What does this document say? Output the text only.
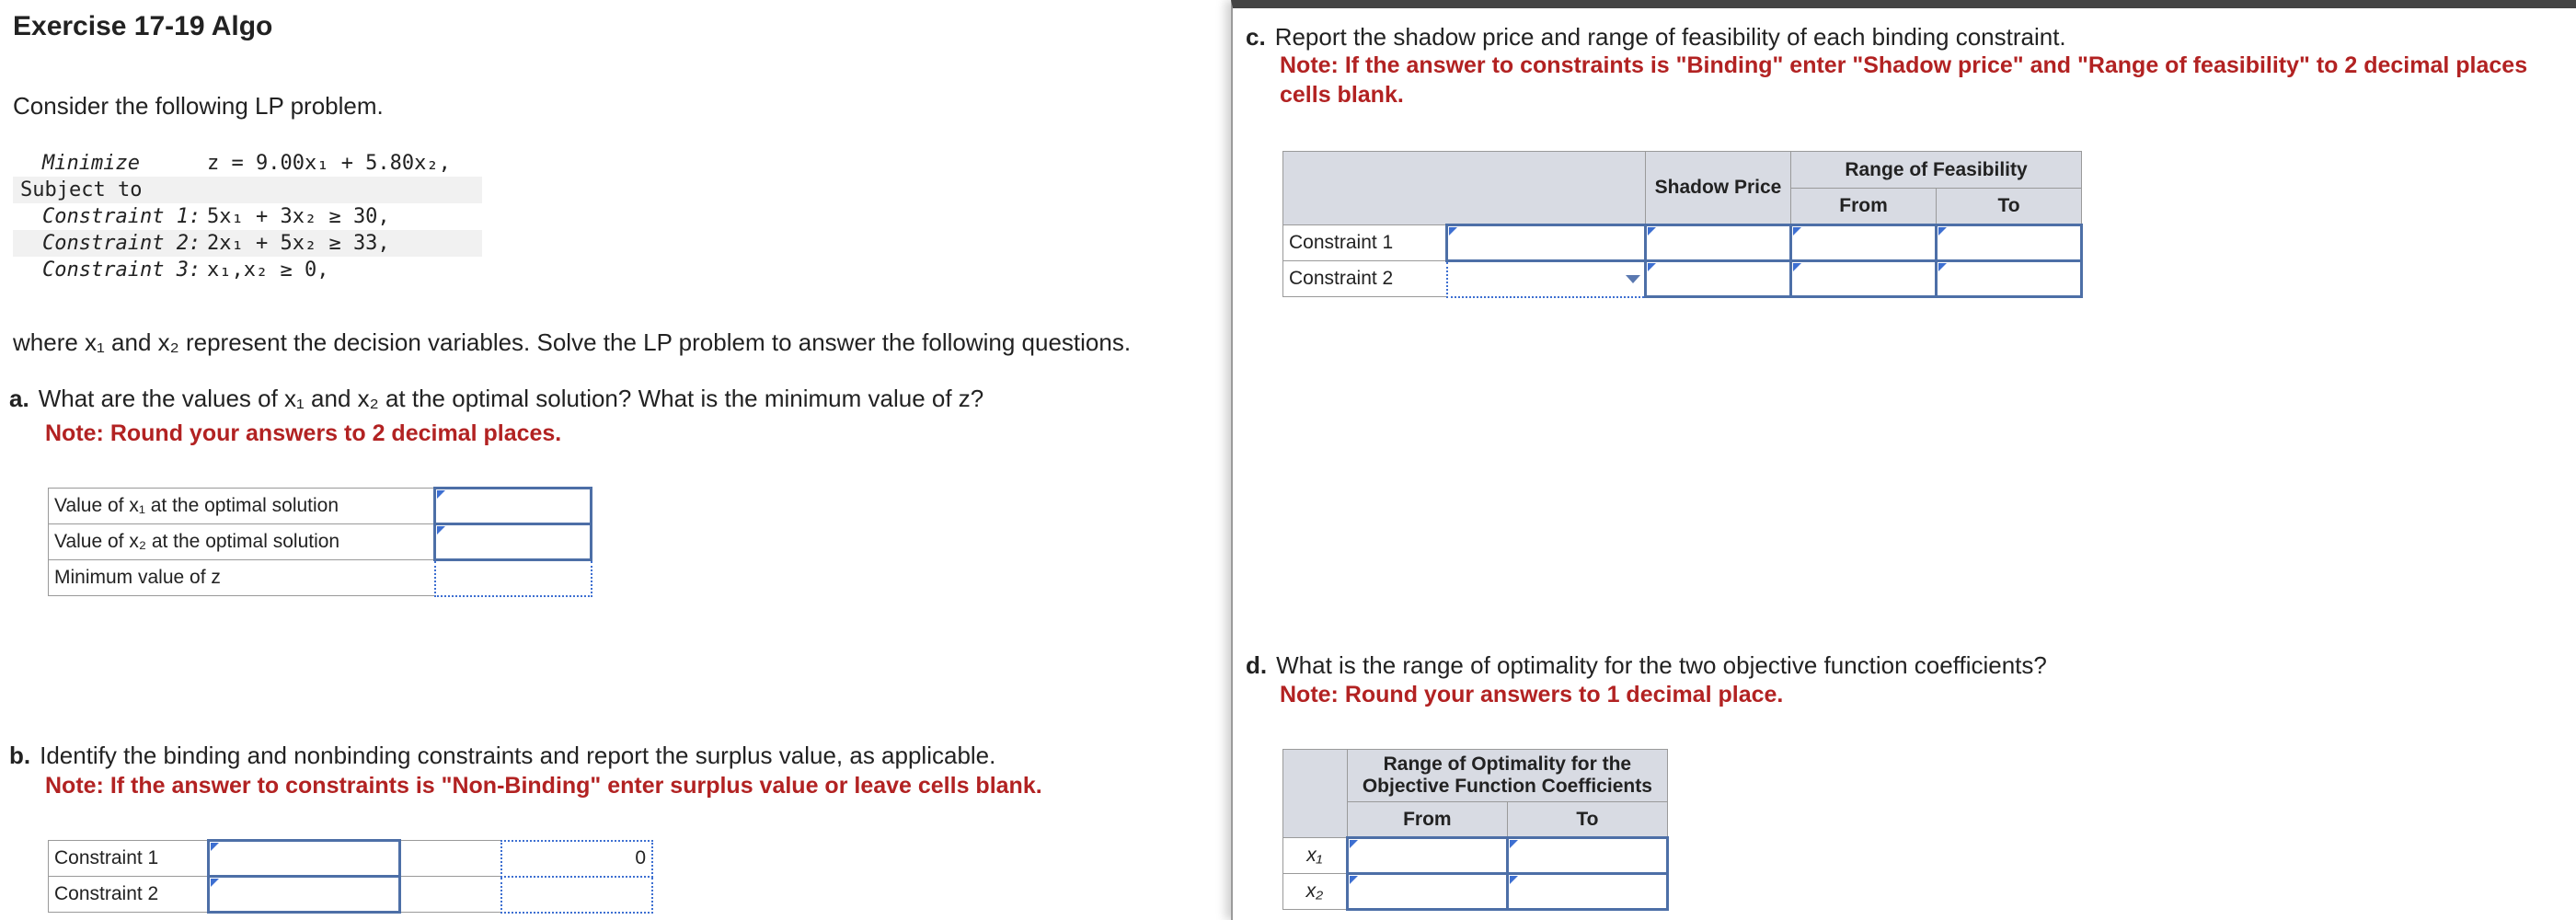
Exercise 17-19 Algo
Consider the following LP problem.
Minimize	z = 9.00x₁ + 5.80x₂,
Subject to
Constraint 1: 5x₁ + 3x₂ ≥ 30,
Constraint 2: 2x₁ + 5x₂ ≥ 33,
Constraint 3: x₁,x₂ ≥ 0,
where x₁ and x₂ represent the decision variables. Solve the LP problem to answer the following questions.
a. What are the values of x₁ and x₂ at the optimal solution? What is the minimum value of z?
Note: Round your answers to 2 decimal places.
Value of x₁ at the optimal solution	
Value of x₂ at the optimal solution	
Minimum value of z	
b. Identify the binding and nonbinding constraints and report the surplus value, as applicable.
Note: If the answer to constraints is "Non-Binding" enter surplus value or leave cells blank.
Constraint 1			0
Constraint 2			
c. Report the shadow price and range of feasibility of each binding constraint.
Note: If the answer to constraints is "Binding" enter "Shadow price" and "Range of feasibility" to 2 decimal places
cells blank.
		Shadow Price	Range of Feasibility	
			From	To
Constraint 1				
Constraint 2	

d. What is the range of optimality for the two objective function coefficients?
Note: Round your answers to 1 decimal place.

	Range of Optimality for the
Objective Function Coefficients	

	From	To
x₁		
x₂		
